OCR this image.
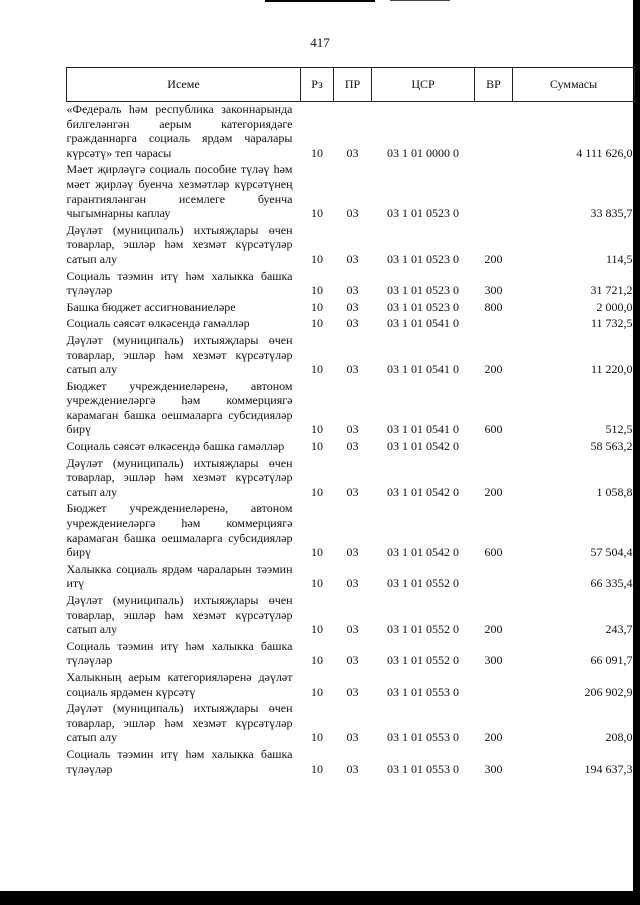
417
Исеме	Рз	ПР	ЦСР	ВР	Суммасы
«Федераль һәм республика законнарында билгеләнгән аерым категориядәге гражданнарга социаль ярдәм чаралары күрсәтү» теп чарасы	10	03	03 1 01 0000 0		4 111 626,0
Мәет җирләүгә социаль пособие түләү һәм мәет җирләү буенча хезмәтләр күрсәтүнең гарантияләнгән исемлеге буенча чыгымнарны каплау	10	03	03 1 01 0523 0		33 835,7
Дәүләт (муниципаль) ихтыяҗлары өчен товарлар, эшләр һәм хезмәт күрсәтүләр сатып алу	10	03	03 1 01 0523 0	200	114,5
Социаль тәэмин итү һәм халыкка башка түләүләр	10	03	03 1 01 0523 0	300	31 721,2
Башка бюджет ассигнованиеләре	10	03	03 1 01 0523 0	800	2 000,0
Социаль сәясәт өлкәсендә гамәлләр	10	03	03 1 01 0541 0		11 732,5
Дәүләт (муниципаль) ихтыяҗлары өчен товарлар, эшләр һәм хезмәт күрсәтүләр сатып алу	10	03	03 1 01 0541 0	200	11 220,0
Бюджет учреждениеләренә, автоном учреждениеләргә һәм коммерциягә карамаган башка оешмаларга субсидияләр бирү	10	03	03 1 01 0541 0	600	512,5
Социаль сәясәт өлкәсендә башка гамәлләр	10	03	03 1 01 0542 0		58 563,2
Дәүләт (муниципаль) ихтыяҗлары өчен товарлар, эшләр һәм хезмәт күрсәтүләр сатып алу	10	03	03 1 01 0542 0	200	1 058,8
Бюджет учреждениеләренә, автоном учреждениеләргә һәм коммерциягә карамаган башка оешмаларга субсидияләр бирү	10	03	03 1 01 0542 0	600	57 504,4
Халыкка социаль ярдәм чараларын тәэмин итү	10	03	03 1 01 0552 0		66 335,4
Дәүләт (муниципаль) ихтыяҗлары өчен товарлар, эшләр һәм хезмәт күрсәтүләр сатып алу	10	03	03 1 01 0552 0	200	243,7
Социаль тәэмин итү һәм халыкка башка түләүләр	10	03	03 1 01 0552 0	300	66 091,7
Халыкның аерым категорияләренә дәүләт социаль ярдәмен күрсәтү	10	03	03 1 01 0553 0		206 902,9
Дәүләт (муниципаль) ихтыяҗлары өчен товарлар, эшләр һәм хезмәт күрсәтүләр сатып алу	10	03	03 1 01 0553 0	200	208,0
Социаль тәэмин итү һәм халыкка башка түләүләр	10	03	03 1 01 0553 0	300	194 637,3
